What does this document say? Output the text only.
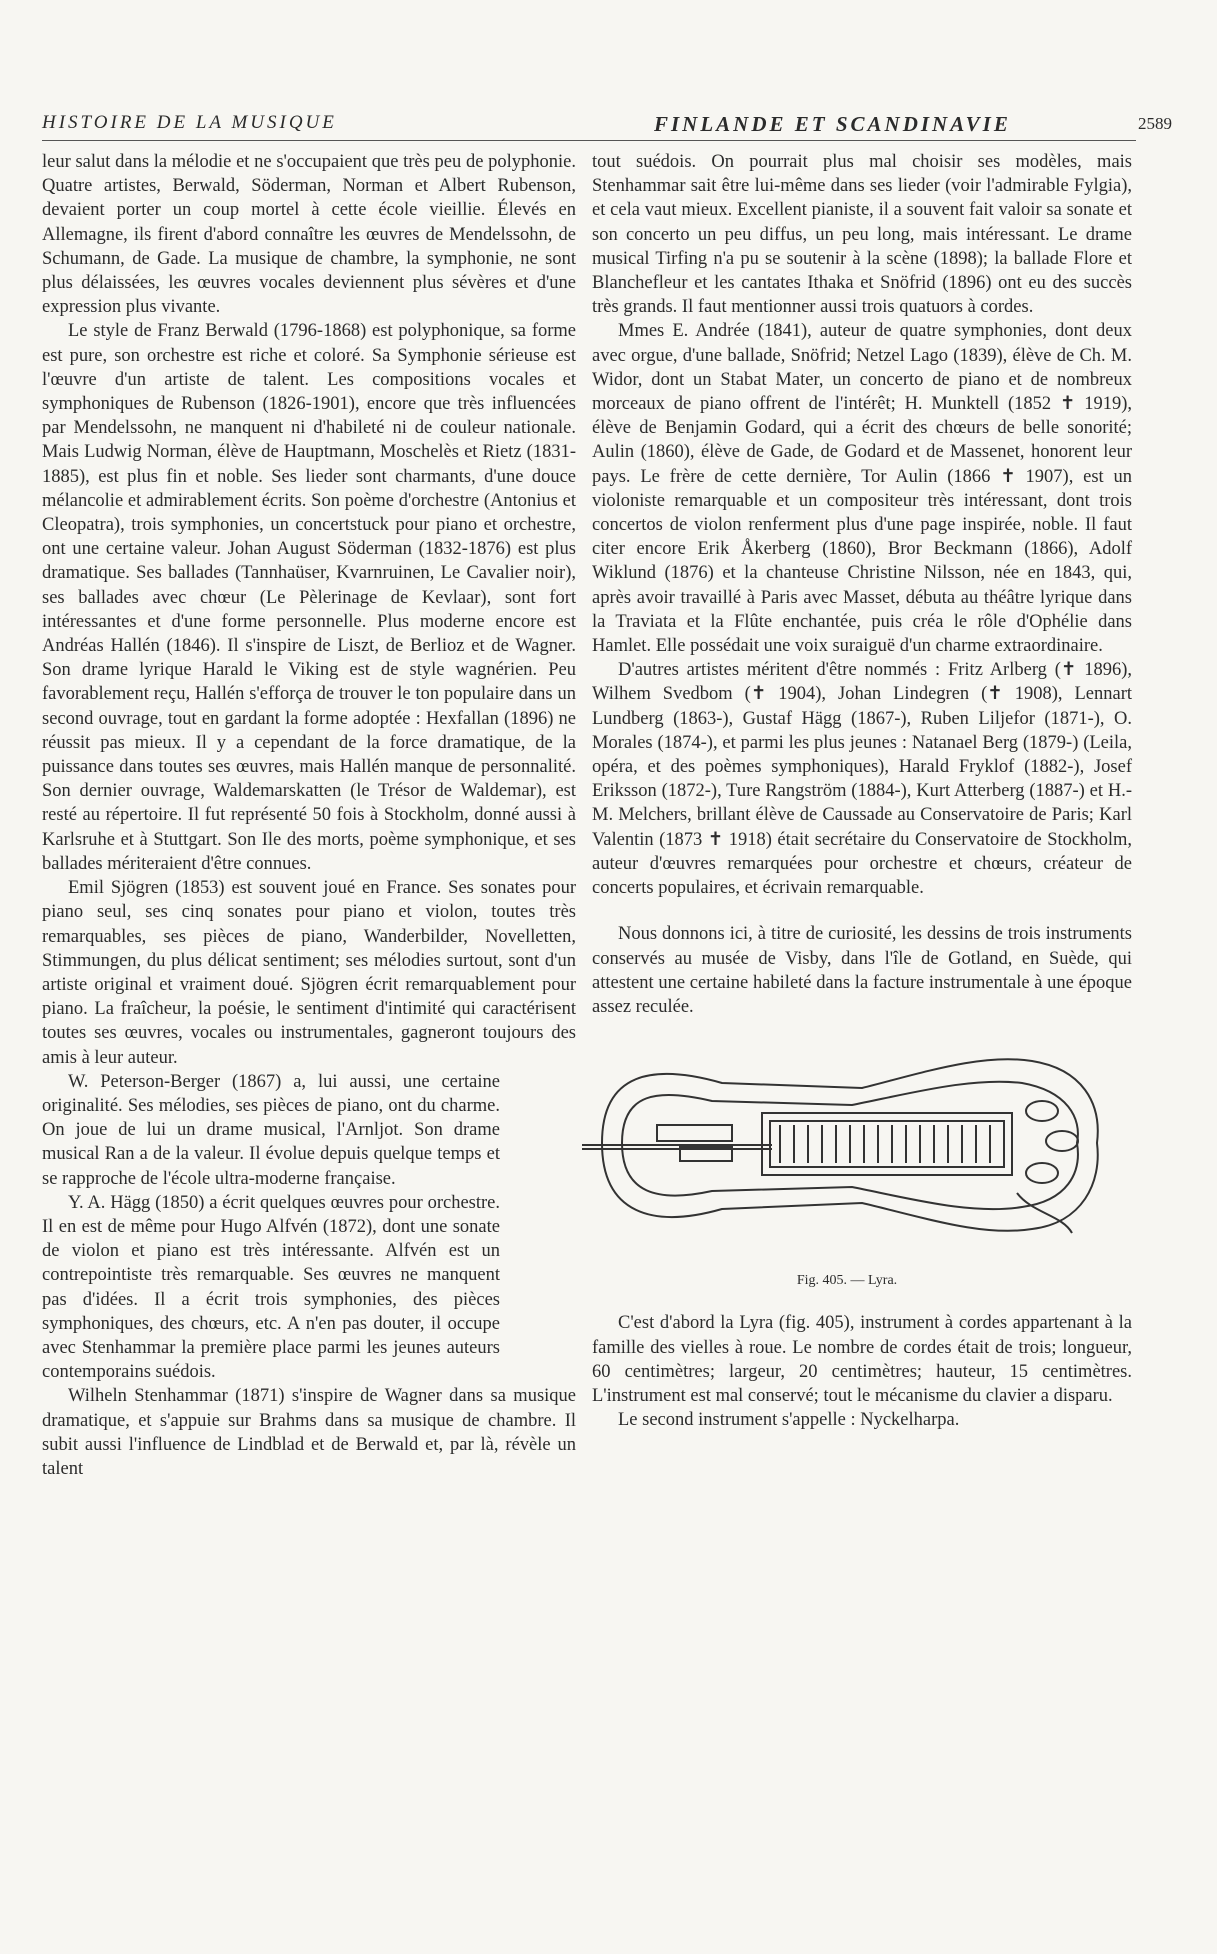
HISTOIRE DE LA MUSIQUE	FINLANDE ET SCANDINAVIE	2589

leur salut dans la mélodie et ne s'occupaient que très peu de polyphonie. Quatre artistes, Berwald, Söderman, Norman et Albert Rubenson, devaient porter un coup mortel à cette école vieillie. Élevés en Allemagne, ils firent d'abord connaître les œuvres de Mendelssohn, de Schumann, de Gade. La musique de chambre, la symphonie, ne sont plus délaissées, les œuvres vocales deviennent plus sévères et d'une expression plus vivante.

Le style de Franz Berwald (1796-1868) est polyphonique, sa forme est pure, son orchestre est riche et coloré. Sa Symphonie sérieuse est l'œuvre d'un artiste de talent. Les compositions vocales et symphoniques de Rubenson (1826-1901), encore que très influencées par Mendelssohn, ne manquent ni d'habileté ni de couleur nationale. Mais Ludwig Norman, élève de Hauptmann, Moschelès et Rietz (1831-1885), est plus fin et noble. Ses lieder sont charmants, d'une douce mélancolie et admirablement écrits. Son poème d'orchestre (Antonius et Cleopatra), trois symphonies, un concertstuck pour piano et orchestre, ont une certaine valeur. Johan August Söderman (1832-1876) est plus dramatique. Ses ballades (Tannhaüser, Kvarnruinen, Le Cavalier noir), ses ballades avec chœur (Le Pèlerinage de Kevlaar), sont fort intéressantes et d'une forme personnelle. Plus moderne encore est Andréas Hallén (1846). Il s'inspire de Liszt, de Berlioz et de Wagner. Son drame lyrique Harald le Viking est de style wagnérien. Peu favorablement reçu, Hallén s'efforça de trouver le ton populaire dans un second ouvrage, tout en gardant la forme adoptée : Hexfallan (1896) ne réussit pas mieux. Il y a cependant de la force dramatique, de la puissance dans toutes ses œuvres, mais Hallén manque de personnalité. Son dernier ouvrage, Waldemarskatten (le Trésor de Waldemar), est resté au répertoire. Il fut représenté 50 fois à Stockholm, donné aussi à Karlsruhe et à Stuttgart. Son Ile des morts, poème symphonique, et ses ballades mériteraient d'être connues.

Emil Sjögren (1853) est souvent joué en France. Ses sonates pour piano seul, ses cinq sonates pour piano et violon, toutes très remarquables, ses pièces de piano, Wanderbilder, Novelletten, Stimmungen, du plus délicat sentiment; ses mélodies surtout, sont d'un artiste original et vraiment doué. Sjögren écrit remarquablement pour piano. La fraîcheur, la poésie, le sentiment d'intimité qui caractérisent toutes ses œuvres, vocales ou instrumentales, gagneront toujours des amis à leur auteur.

W. Peterson-Berger (1867) a, lui aussi, une certaine originalité. Ses mélodies, ses pièces de piano, ont du charme. On joue de lui un drame musical, l'Arnljot. Son drame musical Ran a de la valeur. Il évolue depuis quelque temps et se rapproche de l'école ultra-moderne française.

Y. A. Hägg (1850) a écrit quelques œuvres pour orchestre. Il en est de même pour Hugo Alfvén (1872), dont une sonate de violon et piano est très intéressante. Alfvén est un contrepointiste très remarquable. Ses œuvres ne manquent pas d'idées. Il a écrit trois symphonies, des pièces symphoniques, des chœurs, etc. A n'en pas douter, il occupe avec Stenhammar la première place parmi les jeunes auteurs contemporains suédois.

Wilheln Stenhammar (1871) s'inspire de Wagner dans sa musique dramatique, et s'appuie sur Brahms dans sa musique de chambre. Il subit aussi l'influence de Lindblad et de Berwald et, par là, révèle un talent

tout suédois. On pourrait plus mal choisir ses modèles, mais Stenhammar sait être lui-même dans ses lieder (voir l'admirable Fylgia), et cela vaut mieux. Excellent pianiste, il a souvent fait valoir sa sonate et son concerto un peu diffus, un peu long, mais intéressant. Le drame musical Tirfing n'a pu se soutenir à la scène (1898); la ballade Flore et Blanchefleur et les cantates Ithaka et Snöfrid (1896) ont eu des succès très grands. Il faut mentionner aussi trois quatuors à cordes.

Mmes E. Andrée (1841), auteur de quatre symphonies, dont deux avec orgue, d'une ballade, Snöfrid; Netzel Lago (1839), élève de Ch. M. Widor, dont un Stabat Mater, un concerto de piano et de nombreux morceaux de piano offrent de l'intérêt; H. Munktell (1852 ✝ 1919), élève de Benjamin Godard, qui a écrit des chœurs de belle sonorité; Aulin (1860), élève de Gade, de Godard et de Massenet, honorent leur pays. Le frère de cette dernière, Tor Aulin (1866 ✝ 1907), est un violoniste remarquable et un compositeur très intéressant, dont trois concertos de violon renferment plus d'une page inspirée, noble. Il faut citer encore Erik Åkerberg (1860), Bror Beckmann (1866), Adolf Wiklund (1876) et la chanteuse Christine Nilsson, née en 1843, qui, après avoir travaillé à Paris avec Masset, débuta au théâtre lyrique dans la Traviata et la Flûte enchantée, puis créa le rôle d'Ophélie dans Hamlet. Elle possédait une voix suraiguë d'un charme extraordinaire.

D'autres artistes méritent d'être nommés : Fritz Arlberg (✝ 1896), Wilhem Svedbom (✝ 1904), Johan Lindegren (✝ 1908), Lennart Lundberg (1863-), Gustaf Hägg (1867-), Ruben Liljefor (1871-), O. Morales (1874-), et parmi les plus jeunes : Natanael Berg (1879-) (Leila, opéra, et des poèmes symphoniques), Harald Fryklof (1882-), Josef Eriksson (1872-), Ture Rangström (1884-), Kurt Atterberg (1887-) et H.-M. Melchers, brillant élève de Caussade au Conservatoire de Paris; Karl Valentin (1873 ✝ 1918) était secrétaire du Conservatoire de Stockholm, auteur d'œuvres remarquées pour orchestre et chœurs, créateur de concerts populaires, et écrivain remarquable.

Nous donnons ici, à titre de curiosité, les dessins de trois instruments conservés au musée de Visby, dans l'île de Gotland, en Suède, qui attestent une certaine habileté dans la facture instrumentale à une époque assez reculée.

Fig. 405. — Lyra.

C'est d'abord la Lyra (fig. 405), instrument à cordes appartenant à la famille des vielles à roue. Le nombre de cordes était de trois; longueur, 60 centimètres; largeur, 20 centimètres; hauteur, 15 centimètres. L'instrument est mal conservé; tout le mécanisme du clavier a disparu.

Le second instrument s'appelle : Nyckelharpa.
